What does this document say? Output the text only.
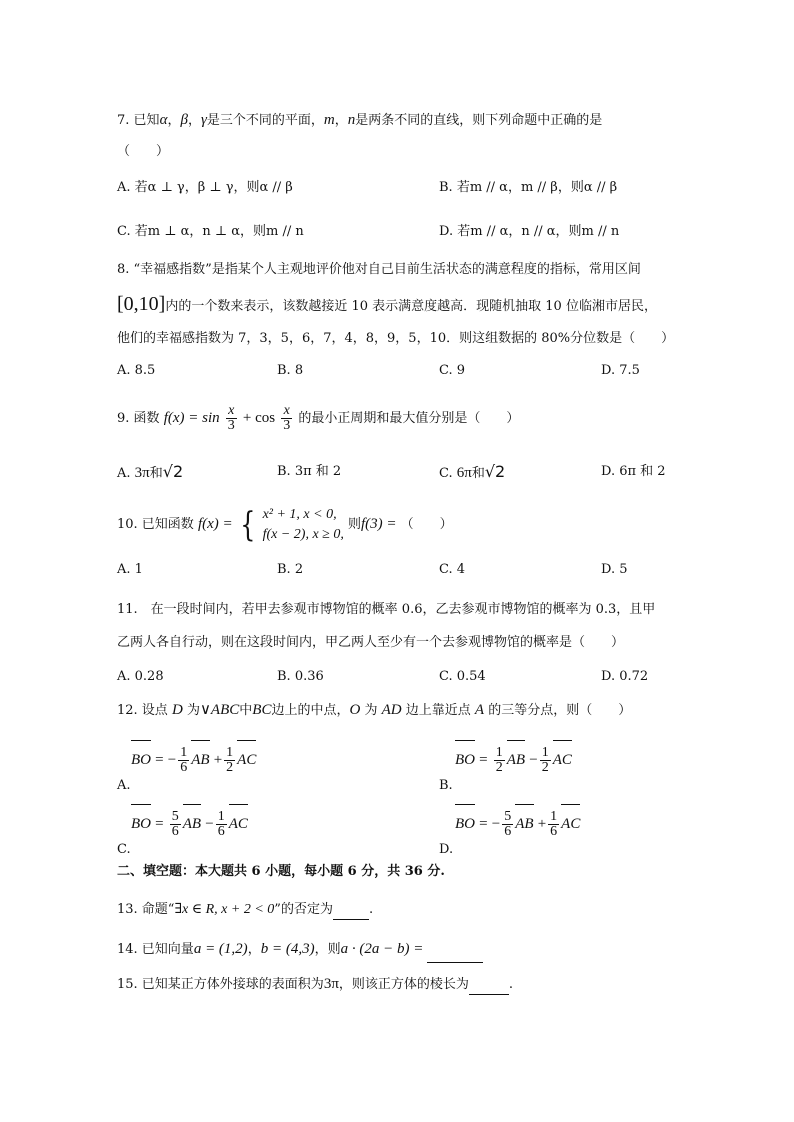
7. 已知α，β，γ是三个不同的平面，m，n是两条不同的直线，则下列命题中正确的是
（　　）
A. 若α ⊥ γ，β ⊥ γ，则α // β	B. 若m // α，m // β，则α // β
C. 若m ⊥ α，n ⊥ α，则m // n	D. 若m // α，n // α，则m // n
8. “幸福感指数”是指某个人主观地评价他对自己目前生活状态的满意程度的指标，常用区间
[0,10]内的一个数来表示，该数越接近 10 表示满意度越高．现随机抽取 10 位临湘市居民，
他们的幸福感指数为 7，3，5，6，7，4，8，9，5，10．则这组数据的 80%分位数是（　　）
A. 8.5	B. 8	C. 9	D. 7.5
9. 函数 $f(x) = \sin \frac{x}{3} + \cos \frac{x}{3}$ 的最小正周期和最大值分别是（　　）
A. 3π和√2	B. 3π 和 2	C. 6π和√2	D. 6π 和 2
10. 已知函数 f(x) = { x² + 1, x < 0,
f(x − 2), x ≥ 0,
则f(3) = （　　）
A. 1	B. 2	C. 4	D. 5
11.　在一段时间内，若甲去参观市博物馆的概率 0.6，乙去参观市博物馆的概率为 0.3，且甲
乙两人各自行动，则在这段时间内，甲乙两人至少有一个去参观博物馆的概率是（　　）
A. 0.28	B. 0.36	C. 0.54	D. 0.72
12. 设点 D 为∨ABC中BC边上的中点，O 为 AD 边上靠近点 A 的三等分点，则（　　）
A.
BO = − $\frac{1}{6}$ AB + $\frac{1}{2}$ AC
B.
BO = $\frac{1}{2}$ AB − $\frac{1}{2}$ AC
C.
BO = $\frac{5}{6}$ AB − $\frac{1}{6}$ AC
D.
BO = − $\frac{5}{6}$ AB + $\frac{1}{6}$ AC
二、填空题：本大题共 6 小题，每小题 6 分，共 36 分.
13. 命题“∃x ∈ R, x + 2 < 0”的否定为	.
14. 已知向量a = (1,2)，b = (4,3)，则a · (2a − b) =
15. 已知某正方体外接球的表面积为3π，则该正方体的棱长为	.
